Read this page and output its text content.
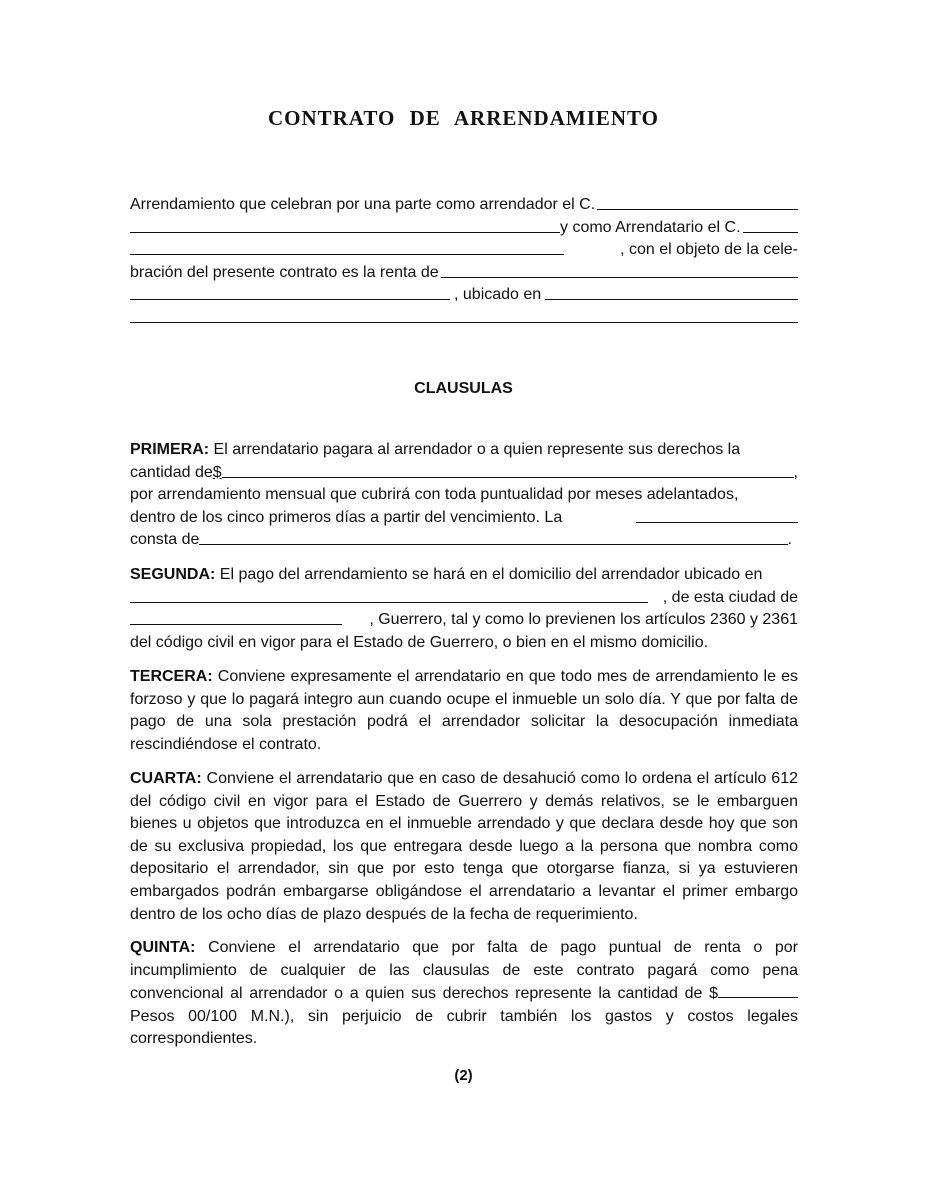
CONTRATO DE ARRENDAMIENTO
Arrendamiento que celebran por una parte como arrendador el C.
y como Arrendatario el C.
, con el objeto de la cele-
bración del presente contrato es la renta de
, ubicado en
CLAUSULAS
PRIMERA: El arrendatario pagara al arrendador o a quien represente sus derechos la
cantidad de $	,
por arrendamiento mensual que cubrirá con toda puntualidad por meses adelantados,
dentro de los cinco primeros días a partir del vencimiento. La
consta de	.
SEGUNDA: El pago del arrendamiento se hará en el domicilio del arrendador ubicado en
, de esta ciudad de
, Guerrero, tal y como lo previenen los artículos 2360 y 2361
del código civil en vigor para el Estado de Guerrero, o bien en el mismo domicilio.

TERCERA: Conviene expresamente el arrendatario en que todo mes de arrendamiento le es forzoso y que lo pagará integro aun cuando ocupe el inmueble un solo día. Y que por falta de pago de una sola prestación podrá el arrendador solicitar la desocupación inmediata rescindiéndose el contrato.

CUARTA: Conviene el arrendatario que en caso de desahució como lo ordena el artículo 612 del código civil en vigor para el Estado de Guerrero y demás relativos, se le embarguen bienes u objetos que introduzca en el inmueble arrendado y que declara desde hoy que son de su exclusiva propiedad, los que entregara desde luego a la persona que nombra como depositario el arrendador, sin que por esto tenga que otorgarse fianza, si ya estuvieren embargados podrán embargarse obligándose el arrendatario a levantar el primer embargo dentro de los ocho días de plazo después de la fecha de requerimiento.

QUINTA: Conviene el arrendatario que por falta de pago puntual de renta o por incumplimiento de cualquier de las clausulas de este contrato pagará como pena convencional al arrendador o a quien sus derechos represente la cantidad de $ Pesos 00/100 M.N.), sin perjuicio de cubrir también los gastos y costos legales correspondientes.

(2)
